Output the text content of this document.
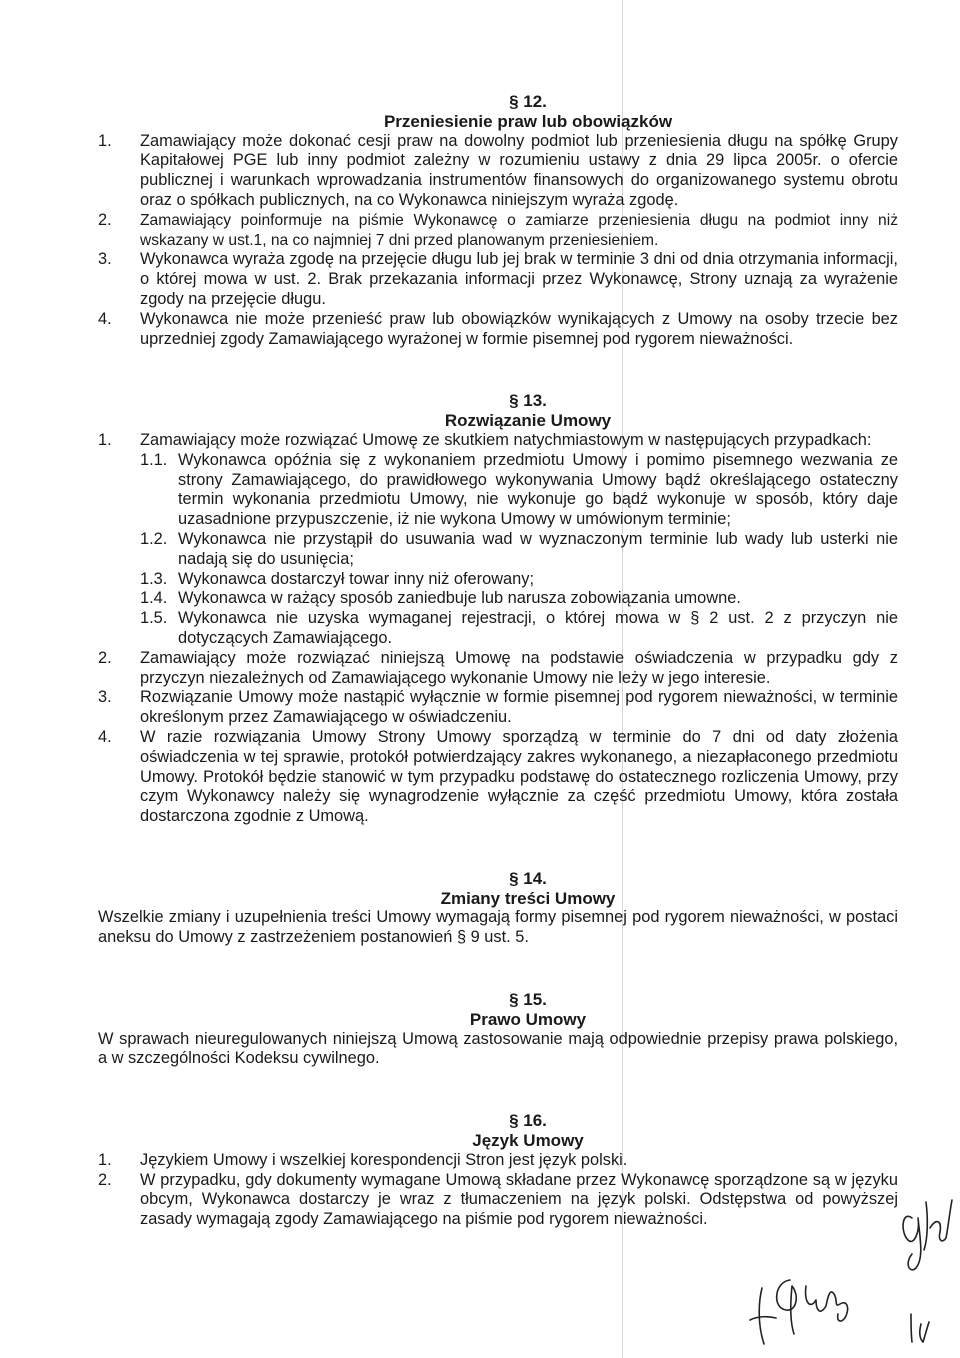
§ 12.
Przeniesienie praw lub obowiązków
1.	Zamawiający może dokonać cesji praw na dowolny podmiot lub przeniesienia długu na spółkę Grupy Kapitałowej PGE lub inny podmiot zależny w rozumieniu ustawy z dnia 29 lipca 2005r. o ofercie publicznej i warunkach wprowadzania instrumentów finansowych do organizowanego systemu obrotu oraz o spółkach publicznych, na co Wykonawca niniejszym wyraża zgodę.
2.	Zamawiający poinformuje na piśmie Wykonawcę o zamiarze przeniesienia długu na podmiot inny niż wskazany w ust.1, na co najmniej 7 dni przed planowanym przeniesieniem.
3.	Wykonawca wyraża zgodę na przejęcie długu lub jej brak w terminie 3 dni od dnia otrzymania informacji, o której mowa w ust. 2. Brak przekazania informacji przez Wykonawcę, Strony uznają za wyrażenie zgody na przejęcie długu.
4.	Wykonawca nie może przenieść praw lub obowiązków wynikających z Umowy na osoby trzecie bez uprzedniej zgody Zamawiającego wyrażonej w formie pisemnej pod rygorem nieważności.
§ 13.
Rozwiązanie Umowy
1.	Zamawiający może rozwiązać Umowę ze skutkiem natychmiastowym w następujących przypadkach:
1.1. Wykonawca opóźnia się z wykonaniem przedmiotu Umowy i pomimo pisemnego wezwania ze strony Zamawiającego, do prawidłowego wykonywania Umowy bądź określającego ostateczny termin wykonania przedmiotu Umowy, nie wykonuje go bądź wykonuje w sposób, który daje uzasadnione przypuszczenie, iż nie wykona Umowy w umówionym terminie;
1.2. Wykonawca nie przystąpił do usuwania wad w wyznaczonym terminie lub wady lub usterki nie nadają się do usunięcia;
1.3. Wykonawca dostarczył towar inny niż oferowany;
1.4. Wykonawca w rażący sposób zaniedbuje lub narusza zobowiązania umowne.
1.5. Wykonawca nie uzyska wymaganej rejestracji, o której mowa w § 2 ust. 2 z przyczyn nie dotyczących Zamawiającego.
2.	Zamawiający może rozwiązać niniejszą Umowę na podstawie oświadczenia w przypadku gdy z przyczyn niezależnych od Zamawiającego wykonanie Umowy nie leży w jego interesie.
3.	Rozwiązanie Umowy może nastąpić wyłącznie w formie pisemnej pod rygorem nieważności, w terminie określonym przez Zamawiającego w oświadczeniu.
4.	W razie rozwiązania Umowy Strony Umowy sporządzą w terminie do 7 dni od daty złożenia oświadczenia w tej sprawie, protokół potwierdzający zakres wykonanego, a niezapłaconego przedmiotu Umowy. Protokół będzie stanowić w tym przypadku podstawę do ostatecznego rozliczenia Umowy, przy czym Wykonawcy należy się wynagrodzenie wyłącznie za część przedmiotu Umowy, która została dostarczona zgodnie z Umową.
§ 14.
Zmiany treści Umowy
Wszelkie zmiany i uzupełnienia treści Umowy wymagają formy pisemnej pod rygorem nieważności, w postaci aneksu do Umowy z zastrzeżeniem postanowień § 9 ust. 5.
§ 15.
Prawo Umowy
W sprawach nieuregulowanych niniejszą Umową zastosowanie mają odpowiednie przepisy prawa polskiego, a w szczególności Kodeksu cywilnego.
§ 16.
Język Umowy
1.	Językiem Umowy i wszelkiej korespondencji Stron jest język polski.
2.	W przypadku, gdy dokumenty wymagane Umową składane przez Wykonawcę sporządzone są w języku obcym, Wykonawca dostarczy je wraz z tłumaczeniem na język polski. Odstępstwa od powyższej zasady wymagają zgody Zamawiającego na piśmie pod rygorem nieważności.
